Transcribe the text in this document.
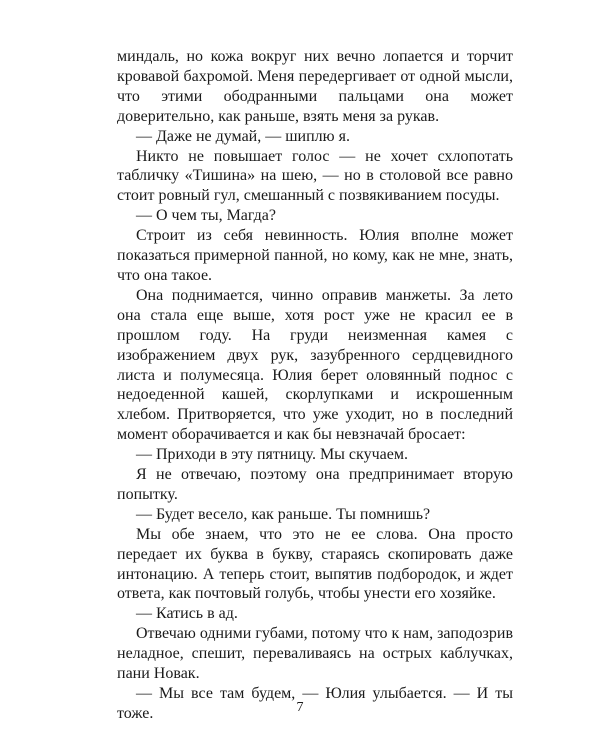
миндаль, но кожа вокруг них вечно лопается и торчит кровавой бахромой. Меня передергивает от одной мысли, что этими ободранными пальцами она может доверительно, как раньше, взять меня за рукав.

— Даже не думай, — шиплю я.

Никто не повышает голос — не хочет схлопотать табличку «Тишина» на шею, — но в столовой все равно стоит ровный гул, смешанный с позвякиванием посуды.

— О чем ты, Магда?

Строит из себя невинность. Юлия вполне может показаться примерной панной, но кому, как не мне, знать, что она такое.

Она поднимается, чинно оправив манжеты. За лето она стала еще выше, хотя рост уже не красил ее в прошлом году. На груди неизменная камея с изображением двух рук, зазубренного сердцевидного листа и полумесяца. Юлия берет оловянный поднос с недоеденной кашей, скорлупками и искрошенным хлебом. Притворяется, что уже уходит, но в последний момент оборачивается и как бы невзначай бросает:

— Приходи в эту пятницу. Мы скучаем.

Я не отвечаю, поэтому она предпринимает вторую попытку.

— Будет весело, как раньше. Ты помнишь?

Мы обе знаем, что это не ее слова. Она просто передает их буква в букву, стараясь скопировать даже интонацию. А теперь стоит, выпятив подбородок, и ждет ответа, как почтовый голубь, чтобы унести его хозяйке.

— Катись в ад.

Отвечаю одними губами, потому что к нам, заподозрив неладное, спешит, переваливаясь на острых каблучках, пани Новак.

— Мы все там будем, — Юлия улыбается. — И ты тоже.	7
